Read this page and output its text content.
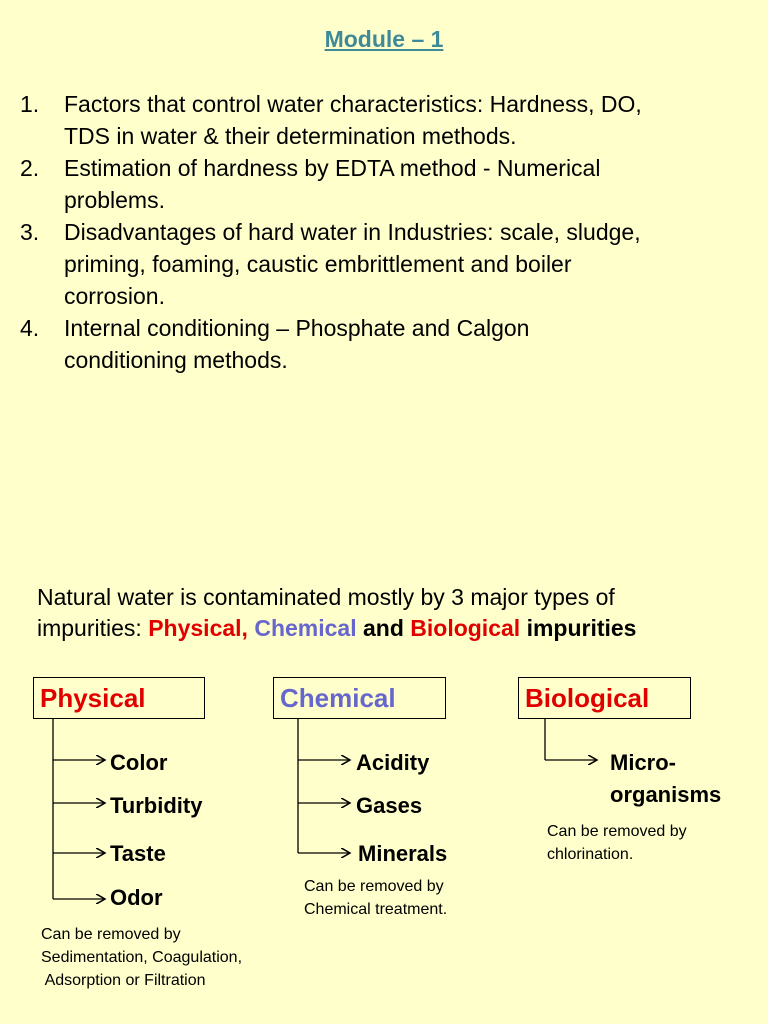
Module – 1
1. Factors that control water characteristics: Hardness, DO,
TDS in water & their determination methods.
2. Estimation of hardness by EDTA method - Numerical
problems.
3. Disadvantages of hard water in Industries: scale, sludge,
priming, foaming, caustic embrittlement and boiler
corrosion.
4. Internal conditioning – Phosphate and Calgon
conditioning methods.
Natural water is contaminated mostly by 3 major types of
impurities: Physical, Chemical and Biological impurities
Physical	Chemical	Biological
Color
Turbidity
Taste
Odor
Acidity
Gases
Minerals
Micro-
organisms
Can be removed by
Sedimentation, Coagulation,
Adsorption or Filtration
Can be removed by
Chemical treatment.
Can be removed by
chlorination.
